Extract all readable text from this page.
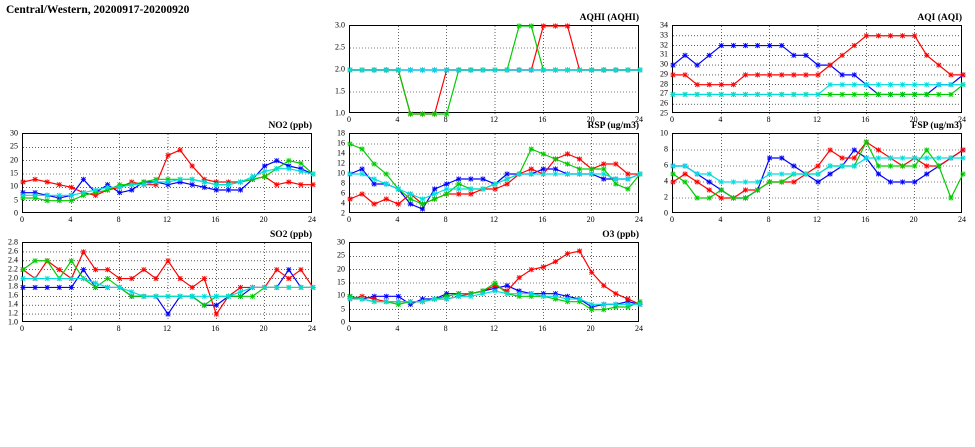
Central/Western, 20200917-20200920
AQHI (AQHI)
0	4	8	12	16	20	24
1.0
1.5
2.0
2.5
3.0
AQI (AQI)
0	4	8	12	16	20	24
25
26
27
28
29
30
31
32
33
34
NO2 (ppb)
0	4	8	12	16	20	24
0
5
10
15
20
25
30
RSP (ug/m3)
0	4	8	12	16	20	24
2
4
6
8
10
12
14
16
18
FSP (ug/m3)
0	4	8	12	16	20	24
0
2
4
6
8
10
SO2 (ppb)
0	4	8	12	16	20	24
1.0
1.2
1.4
1.6
1.8
2.0
2.2
2.4
2.6
2.8
O3 (ppb)
0	4	8	12	16	20	24
0
5
10
15
20
25
30
